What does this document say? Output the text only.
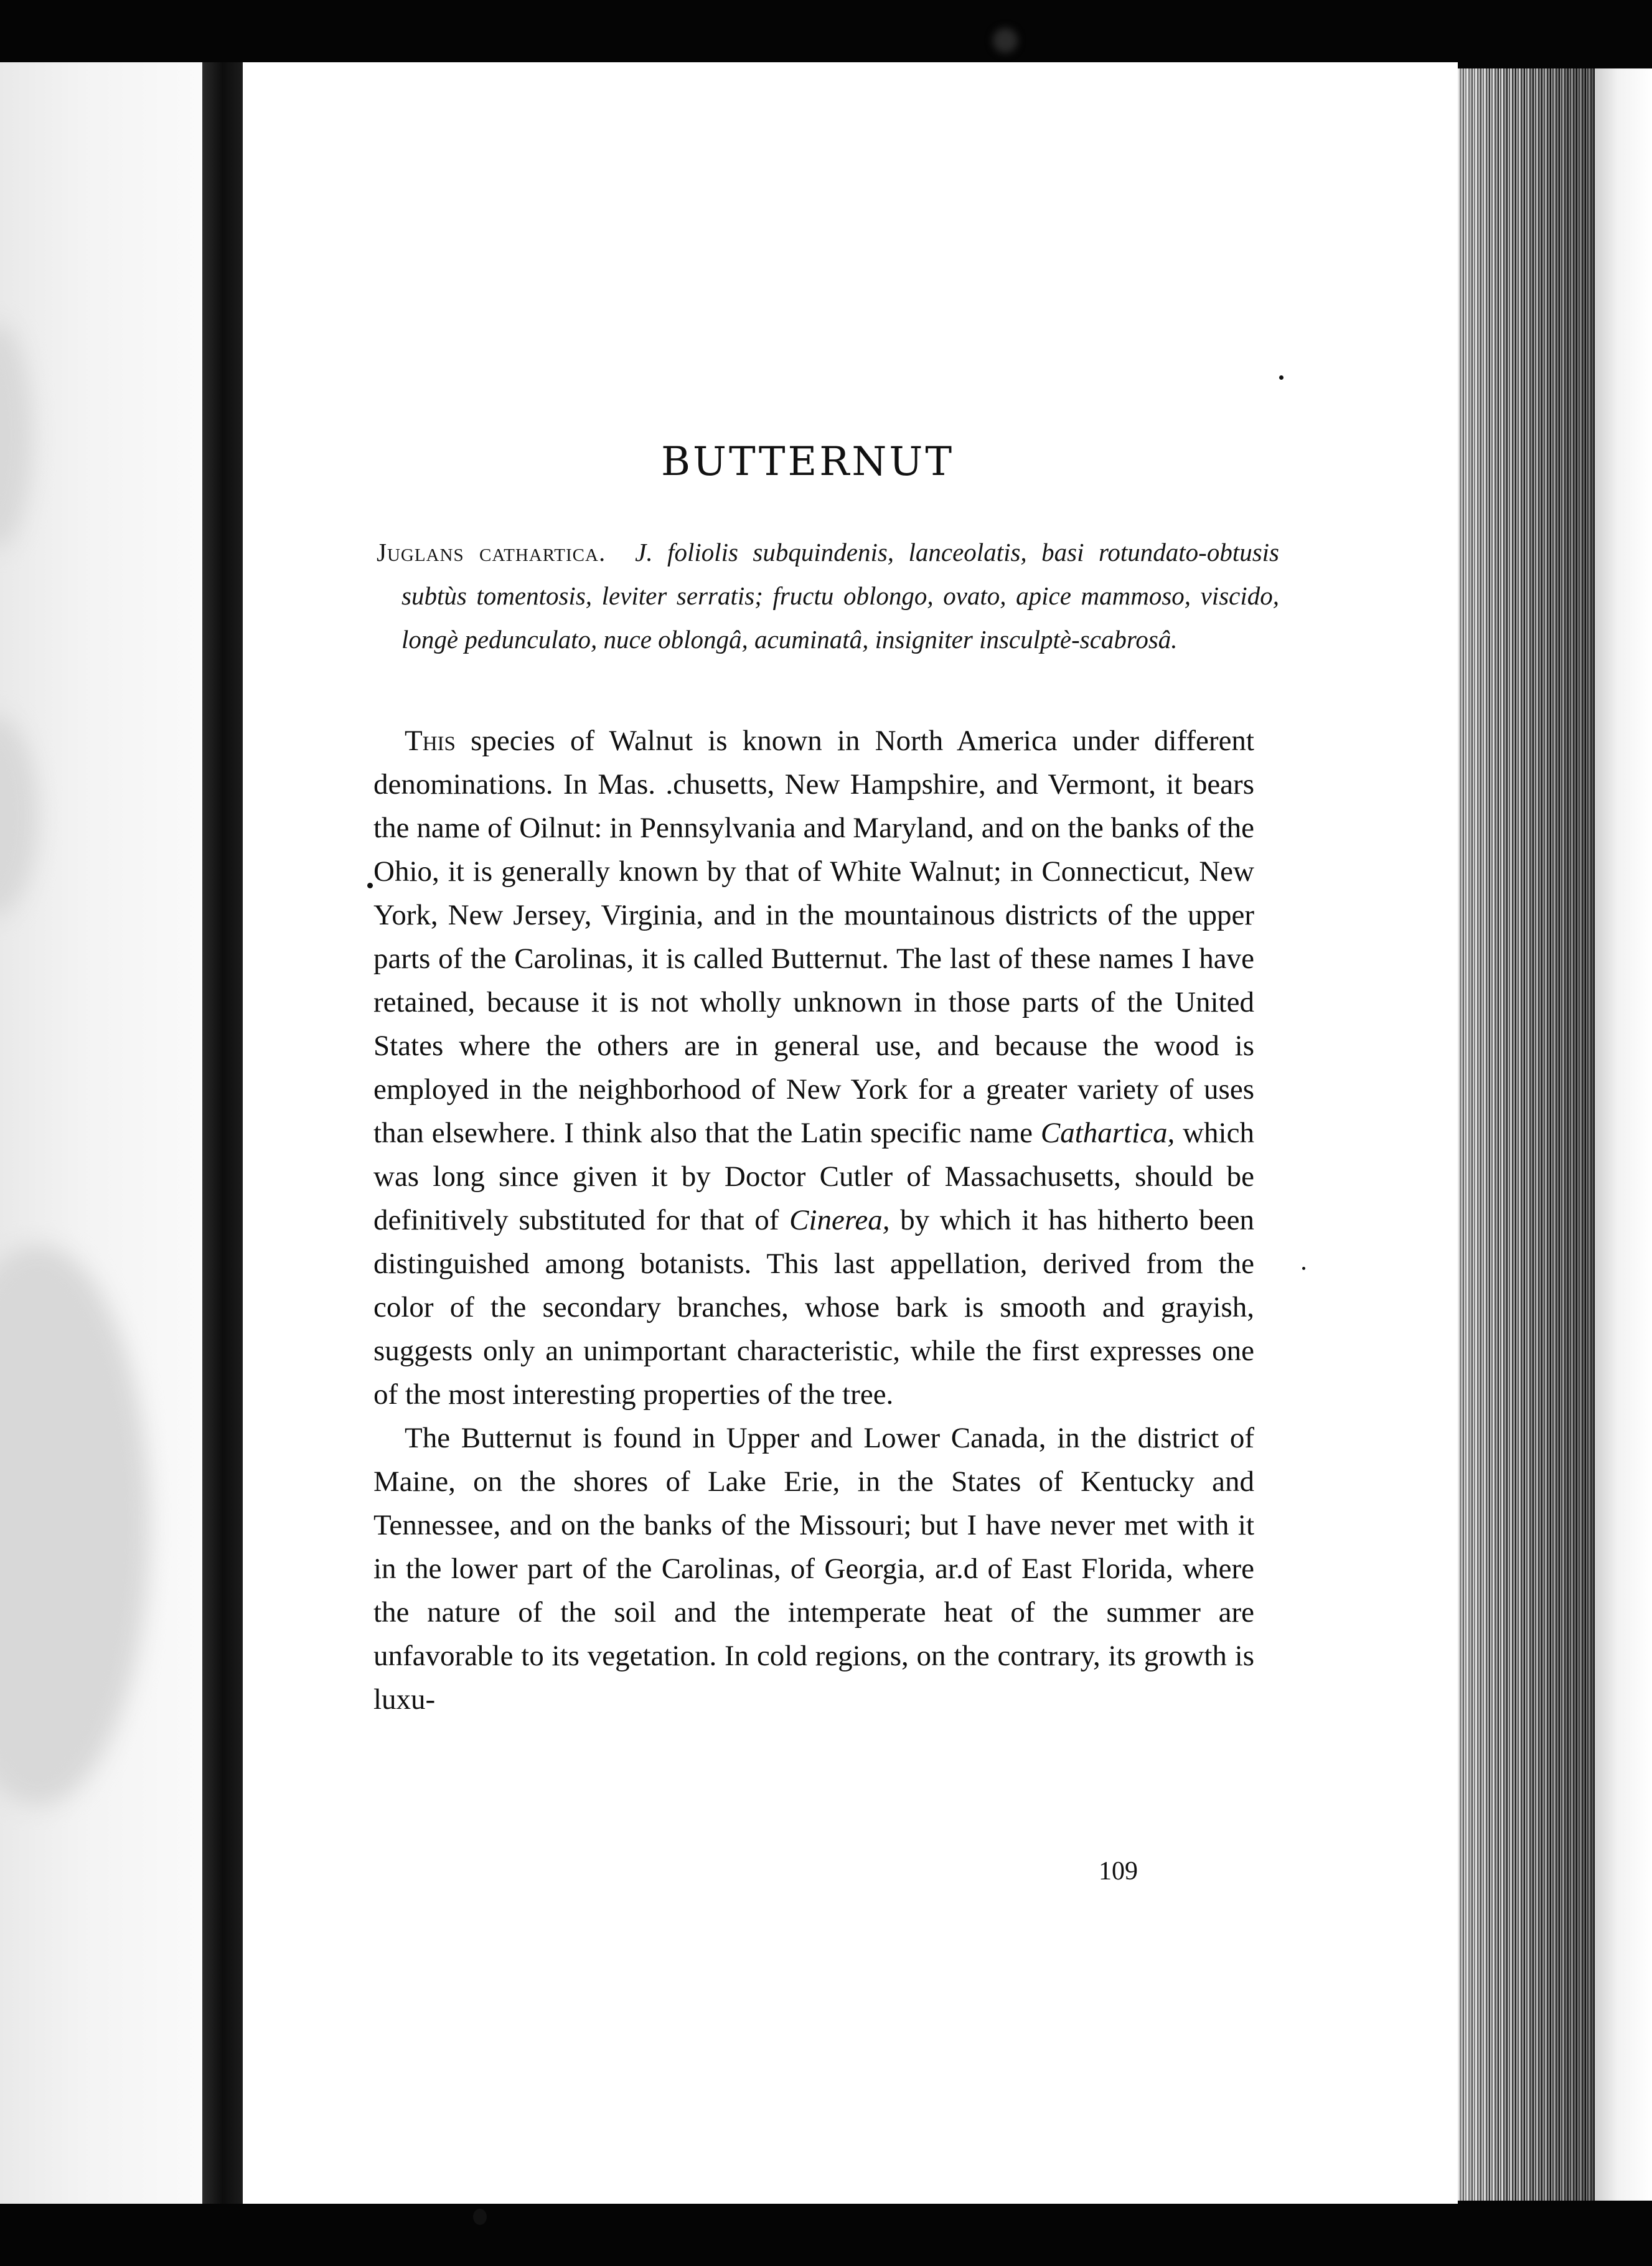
BUTTERNUT

Juglans cathartica. J. foliolis subquindenis, lanceolatis, basi rotundato-obtusis subtùs tomentosis, leviter serratis; fructu oblongo, ovato, apice mammoso, viscido, longè pedunculato, nuce oblongâ, acuminatâ, insigniter insculptè-scabrosâ.

This species of Walnut is known in North America under different denominations. In Mas. .chusetts, New Hampshire, and Vermont, it bears the name of Oilnut: in Pennsylvania and Maryland, and on the banks of the Ohio, it is generally known by that of White Walnut; in Connecticut, New York, New Jersey, Virginia, and in the mountainous districts of the upper parts of the Carolinas, it is called Butternut. The last of these names I have retained, because it is not wholly unknown in those parts of the United States where the others are in general use, and because the wood is employed in the neighborhood of New York for a greater variety of uses than elsewhere. I think also that the Latin specific name Cathartica, which was long since given it by Doctor Cutler of Massachusetts, should be definitively substituted for that of Cinerea, by which it has hitherto been distinguished among botanists. This last appellation, derived from the color of the secondary branches, whose bark is smooth and grayish, suggests only an unimportant characteristic, while the first expresses one of the most interesting properties of the tree.

The Butternut is found in Upper and Lower Canada, in the district of Maine, on the shores of Lake Erie, in the States of Kentucky and Tennessee, and on the banks of the Missouri; but I have never met with it in the lower part of the Carolinas, of Georgia, ar.d of East Florida, where the nature of the soil and the intemperate heat of the summer are unfavorable to its vegetation. In cold regions, on the contrary, its growth is luxu-

109
